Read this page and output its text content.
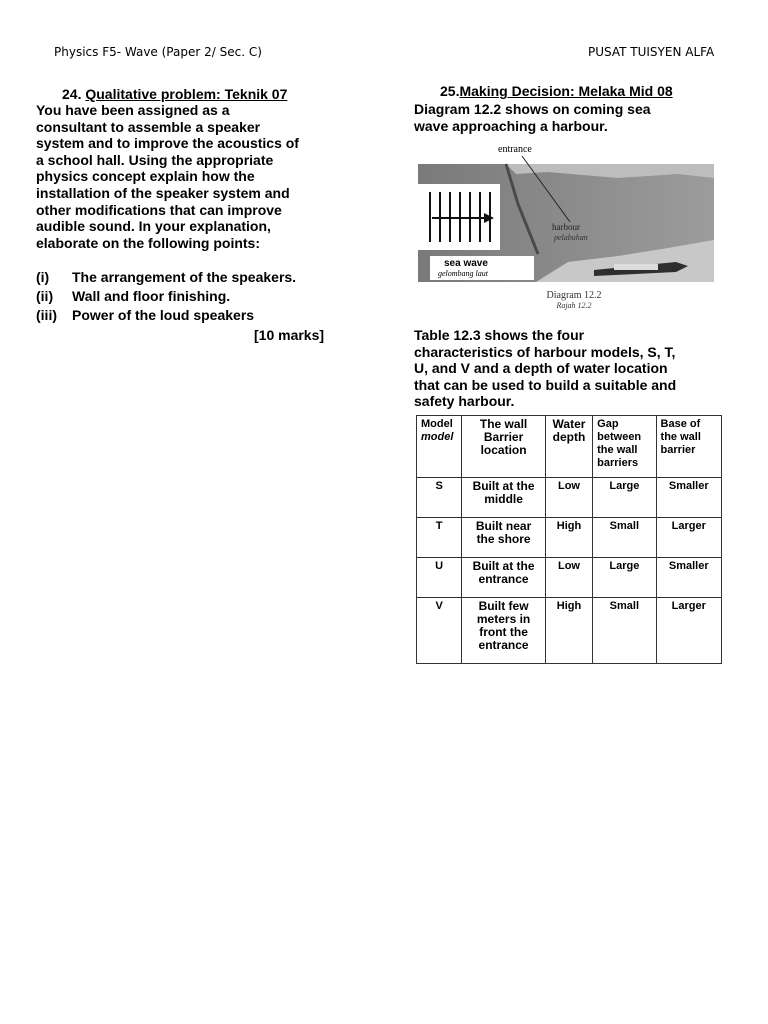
Physics F5- Wave (Paper 2/ Sec. C)	PUSAT TUISYEN ALFA
24. Qualitative problem: Teknik 07

You have been assigned as a

consultant to assemble a speaker

system and to improve the acoustics of

a school hall. Using the appropriate

physics concept explain how the

installation of the speaker system and

other modifications that can improve

audible sound. In your explanation,

elaborate on the following points:

(i)	The arrangement of the speakers.
(ii)	Wall and floor finishing.
(iii)	Power of the loud speakers
[10 marks]
25.Making Decision: Melaka Mid 08

Diagram 12.2 shows on coming sea

wave approaching a harbour.

entrance
harbour
pelabuhan
sea wave
gelombang laut
Diagram 12.2
Rajah 12.2

Table 12.3 shows the four

characteristics of harbour models, S, T,

U, and V and a depth of water location

that can be used to build a suitable and

safety harbour.

Model
model	The wall Barrier location	Water depth	Gap between the wall barriers	Base of the wall barrier
S	Built at the middle	Low	Large	Smaller
T	Built near the shore	High	Small	Larger
U	Built at the entrance	Low	Large	Smaller
V	Built few meters in front the entrance	High	Small	Larger
